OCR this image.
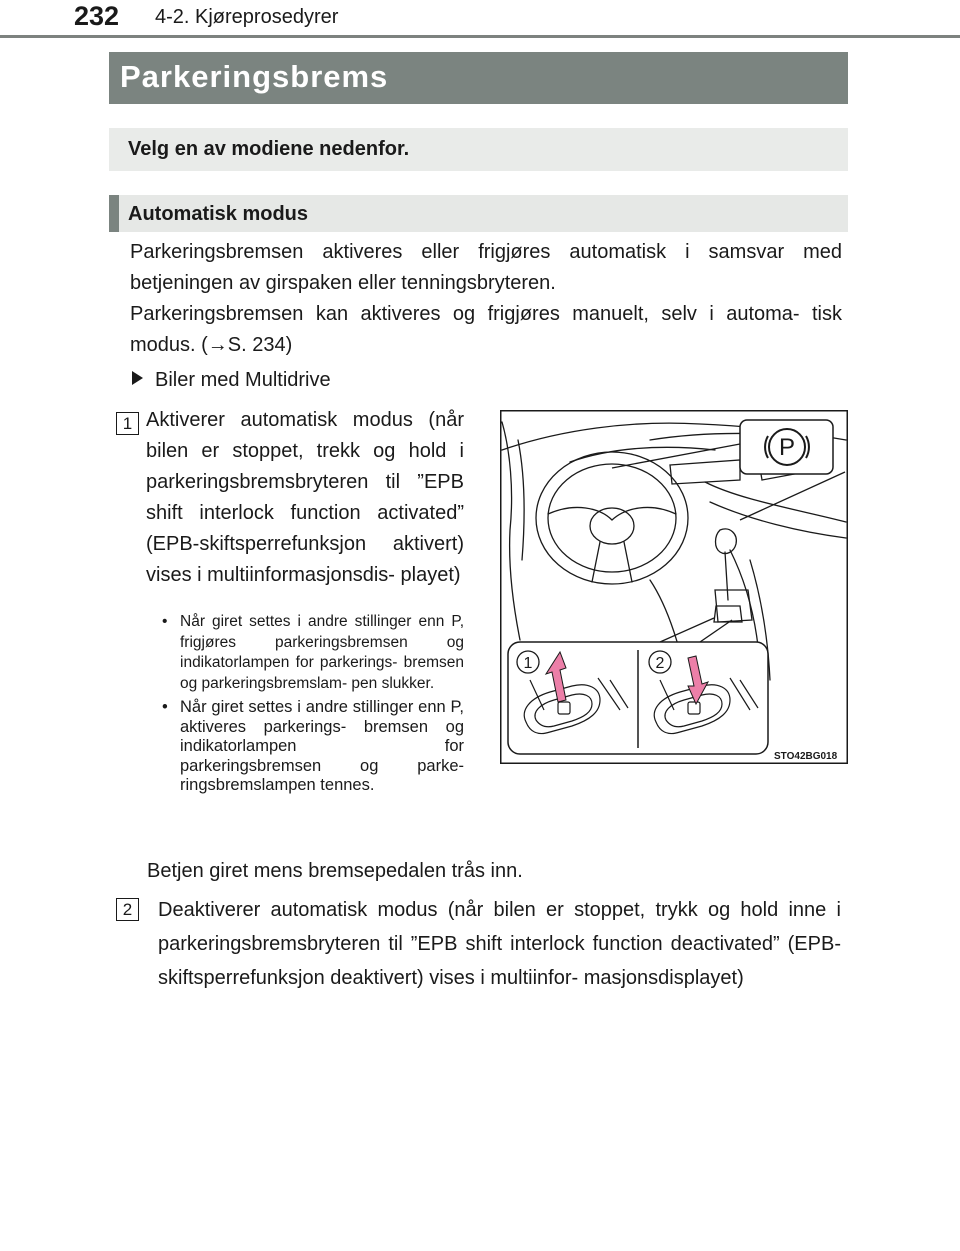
232 4-2. Kjøreprosedyrer
Parkeringsbrems
Velg en av modiene nedenfor.
Automatisk modus
Parkeringsbremsen aktiveres eller frigjøres automatisk i samsvar med betjeningen av girspaken eller tenningsbryteren.
Parkeringsbremsen kan aktiveres og frigjøres manuelt, selv i automa- tisk modus. (→S. 234)
Biler med Multidrive
1 Aktiverer automatisk modus (når bilen er stoppet, trekk og hold i parkeringsbremsbryteren til ”EPB shift interlock function activated” (EPB-skiftsperrefunksjon aktivert) vises i multiinformasjonsdis- playet)
• Når giret settes i andre stillinger enn P, frigjøres parkeringsbremsen og indikatorlampen for parkerings- bremsen og parkeringsbremslam- pen slukker.
• Når giret settes i andre stillinger enn P, aktiveres parkerings- bremsen og indikatorlampen for parkeringsbremsen og parke- ringsbremslampen tennes.
P
1	2
STO42BG018
Betjen giret mens bremsepedalen trås inn.
2	Deaktiverer automatisk modus (når bilen er stoppet, trykk og hold inne i parkeringsbremsbryteren til ”EPB shift interlock function deactivated” (EPB-skiftsperrefunksjon deaktivert) vises i multiinfor- masjonsdisplayet)
